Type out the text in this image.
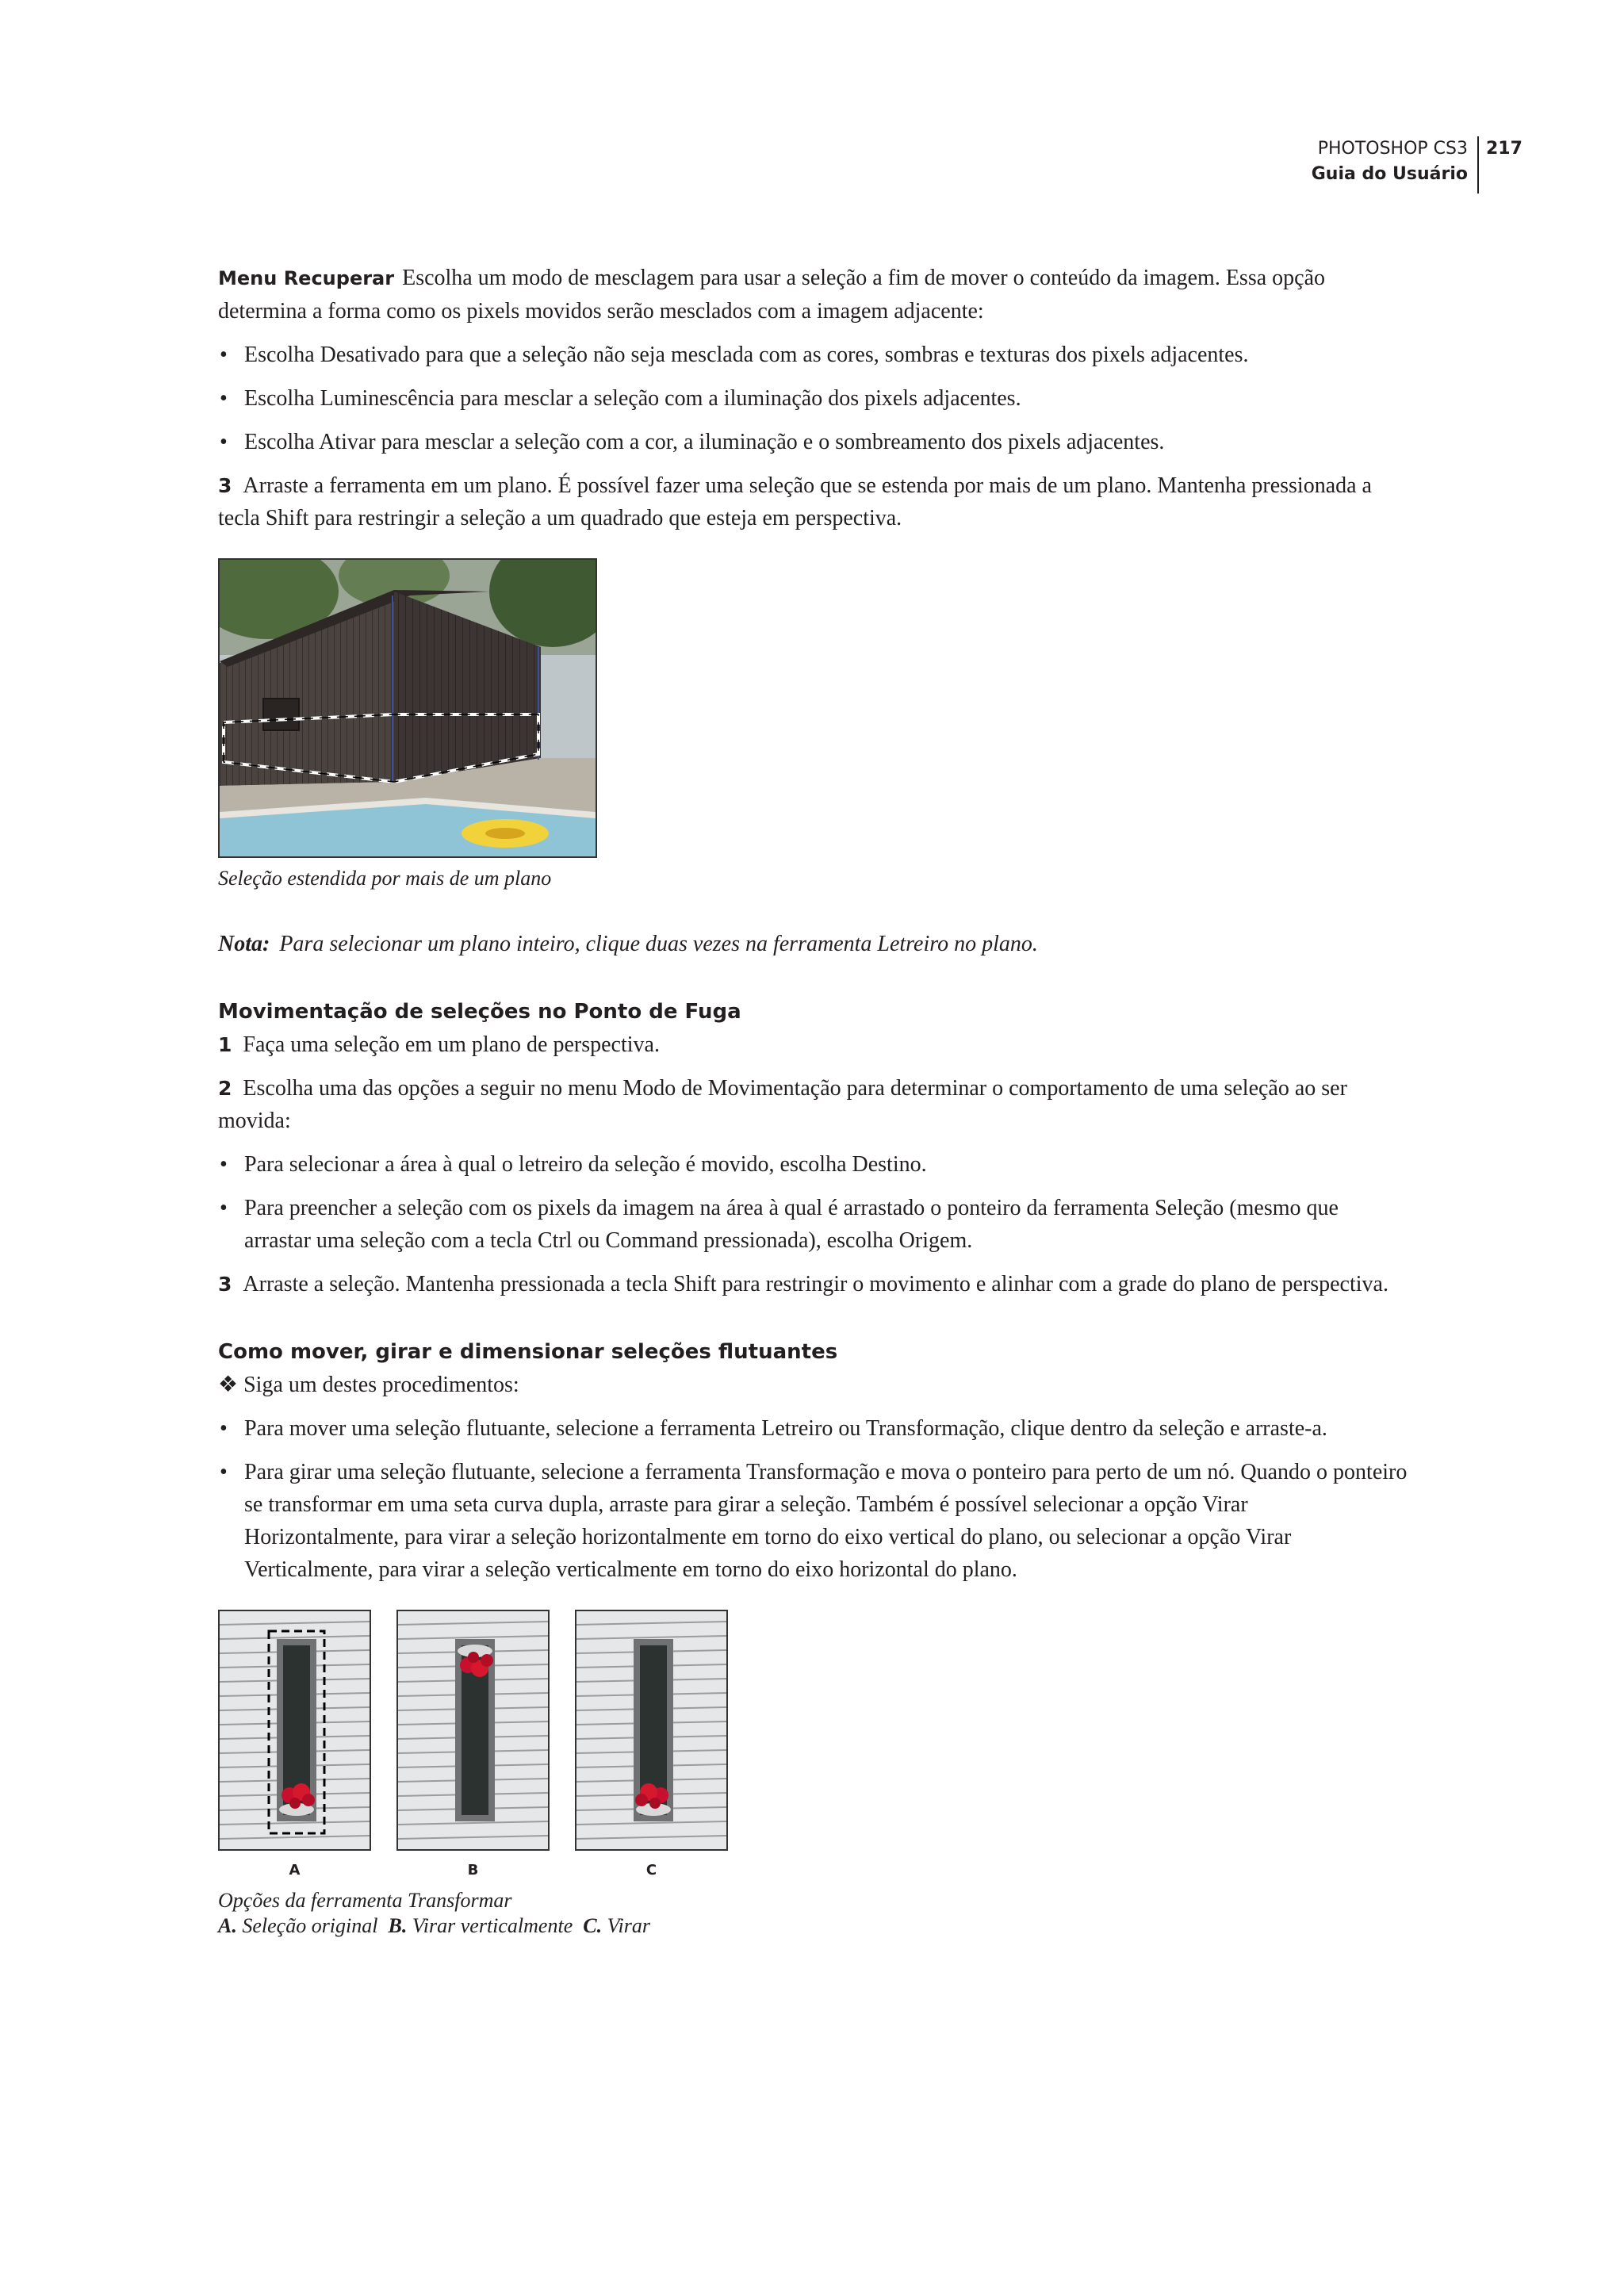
PHOTOSHOP CS3
Guia do Usuário
217

Menu Recuperar Escolha um modo de mesclagem para usar a seleção a fim de mover o conteúdo da imagem. Essa opção determina a forma como os pixels movidos serão mesclados com a imagem adjacente:

• Escolha Desativado para que a seleção não seja mesclada com as cores, sombras e texturas dos pixels adjacentes.
• Escolha Luminescência para mesclar a seleção com a iluminação dos pixels adjacentes.
• Escolha Ativar para mesclar a seleção com a cor, a iluminação e o sombreamento dos pixels adjacentes.

3 Arraste a ferramenta em um plano. É possível fazer uma seleção que se estenda por mais de um plano. Mantenha pressionada a tecla Shift para restringir a seleção a um quadrado que esteja em perspectiva.

Seleção estendida por mais de um plano

Nota: Para selecionar um plano inteiro, clique duas vezes na ferramenta Letreiro no plano.

Movimentação de seleções no Ponto de Fuga

1 Faça uma seleção em um plano de perspectiva.

2 Escolha uma das opções a seguir no menu Modo de Movimentação para determinar o comportamento de uma seleção ao ser movida:

• Para selecionar a área à qual o letreiro da seleção é movido, escolha Destino.
• Para preencher a seleção com os pixels da imagem na área à qual é arrastado o ponteiro da ferramenta Seleção (mesmo que arrastar uma seleção com a tecla Ctrl ou Command pressionada), escolha Origem.

3 Arraste a seleção. Mantenha pressionada a tecla Shift para restringir o movimento e alinhar com a grade do plano de perspectiva.

Como mover, girar e dimensionar seleções flutuantes

❖ Siga um destes procedimentos:

• Para mover uma seleção flutuante, selecione a ferramenta Letreiro ou Transformação, clique dentro da seleção e arraste-a.
• Para girar uma seleção flutuante, selecione a ferramenta Transformação e mova o ponteiro para perto de um nó. Quando o ponteiro se transformar em uma seta curva dupla, arraste para girar a seleção. Também é possível selecionar a opção Virar Horizontalmente, para virar a seleção horizontalmente em torno do eixo vertical do plano, ou selecionar a opção Virar Verticalmente, para virar a seleção verticalmente em torno do eixo horizontal do plano.
A	B	C

Opções da ferramenta Transformar

A. Seleção original B. Virar verticalmente C. Virar
